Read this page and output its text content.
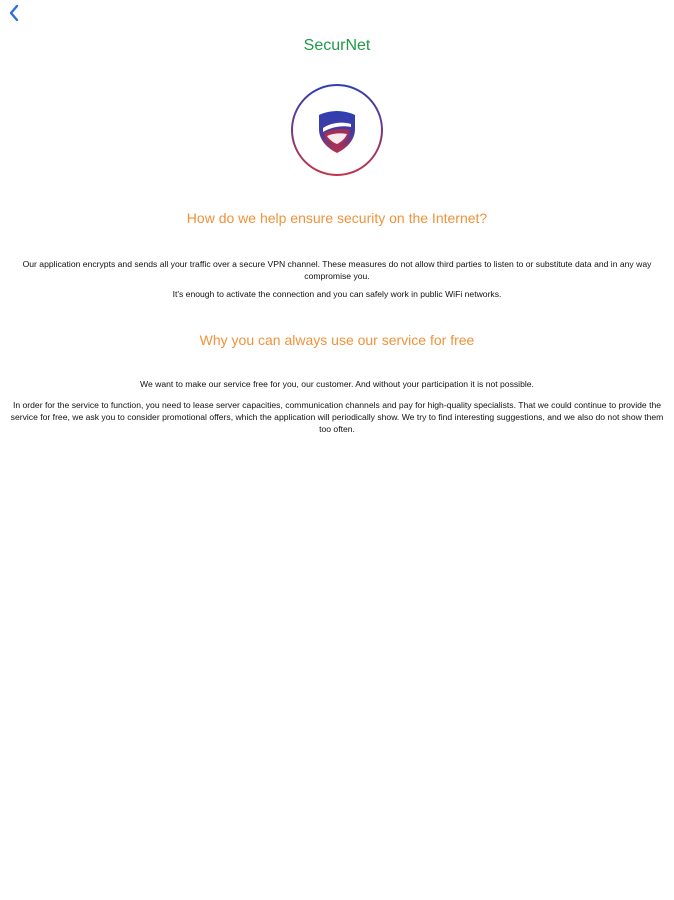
SecurNet
How do we help ensure security on the Internet?
Our application encrypts and sends all your traffic over a secure VPN channel. These measures do not allow third parties to listen to or substitute data and in any way compromise you.
It's enough to activate the connection and you can safely work in public WiFi networks.
Why you can always use our service for free
We want to make our service free for you, our customer. And without your participation it is not possible.
In order for the service to function, you need to lease server capacities, communication channels and pay for high-quality specialists. That we could continue to provide the service for free, we ask you to consider promotional offers, which the application will periodically show. We try to find interesting suggestions, and we also do not show them too often.
